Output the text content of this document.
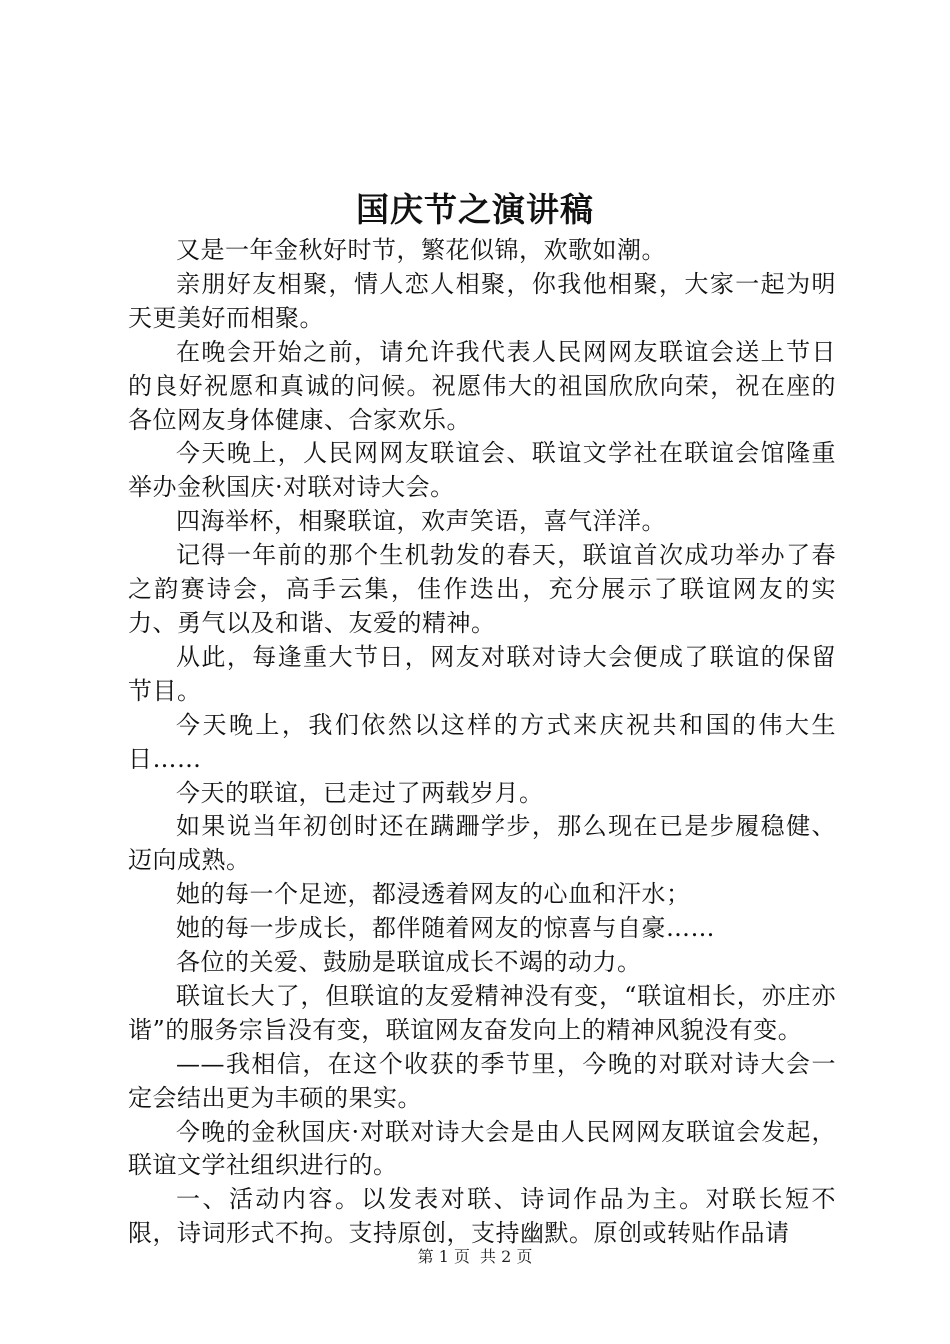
国庆节之演讲稿

又是一年金秋好时节，繁花似锦，欢歌如潮。

亲朋好友相聚，情人恋人相聚，你我他相聚，大家一起为明天更美好而相聚。

在晚会开始之前，请允许我代表人民网网友联谊会送上节日的良好祝愿和真诚的问候。祝愿伟大的祖国欣欣向荣，祝在座的各位网友身体健康、合家欢乐。

今天晚上，人民网网友联谊会、联谊文学社在联谊会馆隆重举办金秋国庆·对联对诗大会。

四海举杯，相聚联谊，欢声笑语，喜气洋洋。

记得一年前的那个生机勃发的春天，联谊首次成功举办了春之韵赛诗会，高手云集，佳作迭出，充分展示了联谊网友的实力、勇气以及和谐、友爱的精神。

从此，每逢重大节日，网友对联对诗大会便成了联谊的保留节目。

今天晚上，我们依然以这样的方式来庆祝共和国的伟大生日……

今天的联谊，已走过了两载岁月。

如果说当年初创时还在蹒跚学步，那么现在已是步履稳健、迈向成熟。

她的每一个足迹，都浸透着网友的心血和汗水；

她的每一步成长，都伴随着网友的惊喜与自豪……

各位的关爱、鼓励是联谊成长不竭的动力。

联谊长大了，但联谊的友爱精神没有变，“联谊相长，亦庄亦谐”的服务宗旨没有变，联谊网友奋发向上的精神风貌没有变。

——我相信，在这个收获的季节里，今晚的对联对诗大会一定会结出更为丰硕的果实。

今晚的金秋国庆·对联对诗大会是由人民网网友联谊会发起，联谊文学社组织进行的。

一、活动内容。以发表对联、诗词作品为主。对联长短不限，诗词形式不拘。支持原创，支持幽默。原创或转贴作品请

第 1 页 共 2 页
